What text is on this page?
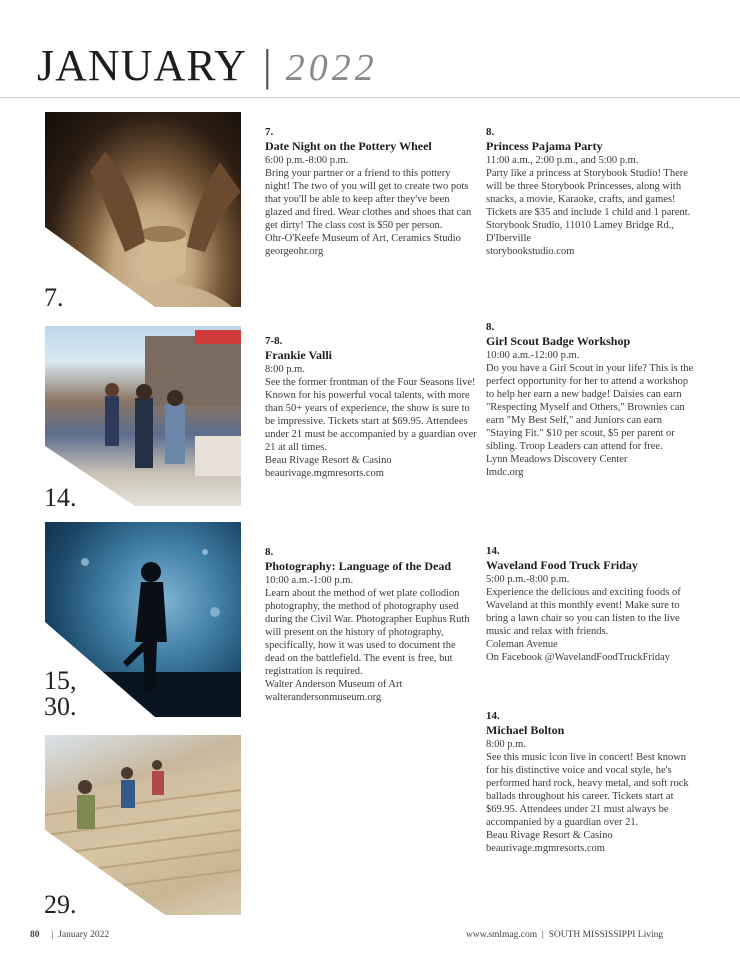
JANUARY | 2022
7.
14.
15,
30.
29.
7.
Date Night on the Pottery Wheel
6:00 p.m.-8:00 p.m.
Bring your partner or a friend to this pottery night! The two of you will get to create two pots that you'll be able to keep after they've been glazed and fired. Wear clothes and shoes that can get dirty! The class cost is $50 per person.
Ohr-O'Keefe Museum of Art, Ceramics Studio
georgeohr.org
7-8.
Frankie Valli
8:00 p.m.
See the former frontman of the Four Seasons live! Known for his powerful vocal talents, with more than 50+ years of experience, the show is sure to be impressive. Tickets start at $69.95. Attendees under 21 must be accompanied by a guardian over 21 at all times.
Beau Rivage Resort & Casino
beaurivage.mgmresorts.com
8.
Photography: Language of the Dead
10:00 a.m.-1:00 p.m.
Learn about the method of wet plate collodion photography, the method of photography used during the Civil War. Photographer Euphus Ruth will present on the history of photography, specifically, how it was used to document the dead on the battlefield. The event is free, but registration is required.
Walter Anderson Museum of Art
walterandersonmuseum.org
8.
Princess Pajama Party
11:00 a.m., 2:00 p.m., and 5:00 p.m.
Party like a princess at Storybook Studio! There will be three Storybook Princesses, along with snacks, a movie, Karaoke, crafts, and games! Tickets are $35 and include 1 child and 1 parent.
Storybook Studio, 11010 Lamey Bridge Rd., D'Iberville
storybookstudio.com
8.
Girl Scout Badge Workshop
10:00 a.m.-12:00 p.m.
Do you have a Girl Scout in your life? This is the perfect opportunity for her to attend a workshop to help her earn a new badge! Daisies can earn "Respecting Myself and Others," Brownies can earn "My Best Self," and Juniors can earn "Staying Fit." $10 per scout, $5 per parent or sibling. Troop Leaders can attend for free.
Lynn Meadows Discovery Center
lmdc.org
14.
Waveland Food Truck Friday
5:00 p.m.-8:00 p.m.
Experience the delicious and exciting foods of Waveland at this monthly event! Make sure to bring a lawn chair so you can listen to the live music and relax with friends.
Coleman Avenue
On Facebook @WavelandFoodTruckFriday
14.
Michael Bolton
8:00 p.m.
See this music icon live in concert! Best known for his distinctive voice and vocal style, he's performed hard rock, heavy metal, and soft rock ballads throughout his career. Tickets start at $69.95. Attendees under 21 must always be accompanied by a guardian over 21.
Beau Rivage Resort & Casino
beaurivage.mgmresorts.com
80 |  January 2022	www.smlmag.com  |  SOUTH MISSISSIPPI Living
